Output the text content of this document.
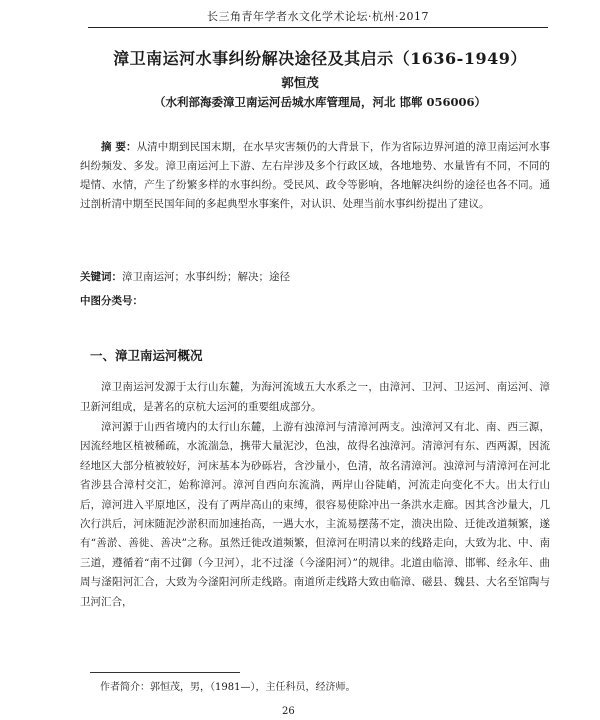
长三角青年学者水文化学术论坛·杭州·2017
漳卫南运河水事纠纷解决途径及其启示（1636-1949）
郭恒茂
（水利部海委漳卫南运河岳城水库管理局，河北 邯郸 056006）
摘 要：从清中期到民国末期，在水旱灾害频仍的大背景下，作为省际边界河道的漳卫南运河水事纠纷频发、多发。漳卫南运河上下游、左右岸涉及多个行政区域，各地地势、水量皆有不同，不同的堤情、水情，产生了纷繁多样的水事纠纷。受民风、政令等影响，各地解决纠纷的途径也各不同。通过剖析清中期至民国年间的多起典型水事案件，对认识、处理当前水事纠纷提出了建议。
关键词：漳卫南运河；水事纠纷；解决；途径
中图分类号：
一、漳卫南运河概况
漳卫南运河发源于太行山东麓，为海河流域五大水系之一，由漳河、卫河、卫运河、南运河、漳卫新河组成，是著名的京杭大运河的重要组成部分。
漳河源于山西省境内的太行山东麓，上游有浊漳河与清漳河两支。浊漳河又有北、南、西三源，因流经地区植被稀疏，水流湍急，携带大量泥沙，色浊，故得名浊漳河。清漳河有东、西两源，因流经地区大部分植被较好，河床基本为砂砾岩，含沙量小，色清，故名清漳河。浊漳河与清漳河在河北省涉县合漳村交汇，始称漳河。漳河自西向东流淌，两岸山谷陡峭，河流走向变化不大。出太行山后，漳河进入平原地区，没有了两岸高山的束缚，很容易使除冲出一条洪水走廊。因其含沙量大，几次行洪后，河床随泥沙淤积而加速抬高，一遇大水，主流易摆荡不定，溃决出险、迁徙改道频繁，遂有“善淤、善徙、善决”之称。虽然迁徙改道频繁，但漳河在明清以来的线路走向，大致为北、中、南三道，遵循着“南不过御（今卫河），北不过滏（今滏阳河）”的规律。北道由临漳、邯郸、经永年、曲周与滏阳河汇合，大致为今滏阳河所走线路。南道所走线路大致由临漳、磁县、魏县、大名至馆陶与卫河汇合，
作者简介：郭恒茂，男，（1981—），主任科员，经济师。
26
